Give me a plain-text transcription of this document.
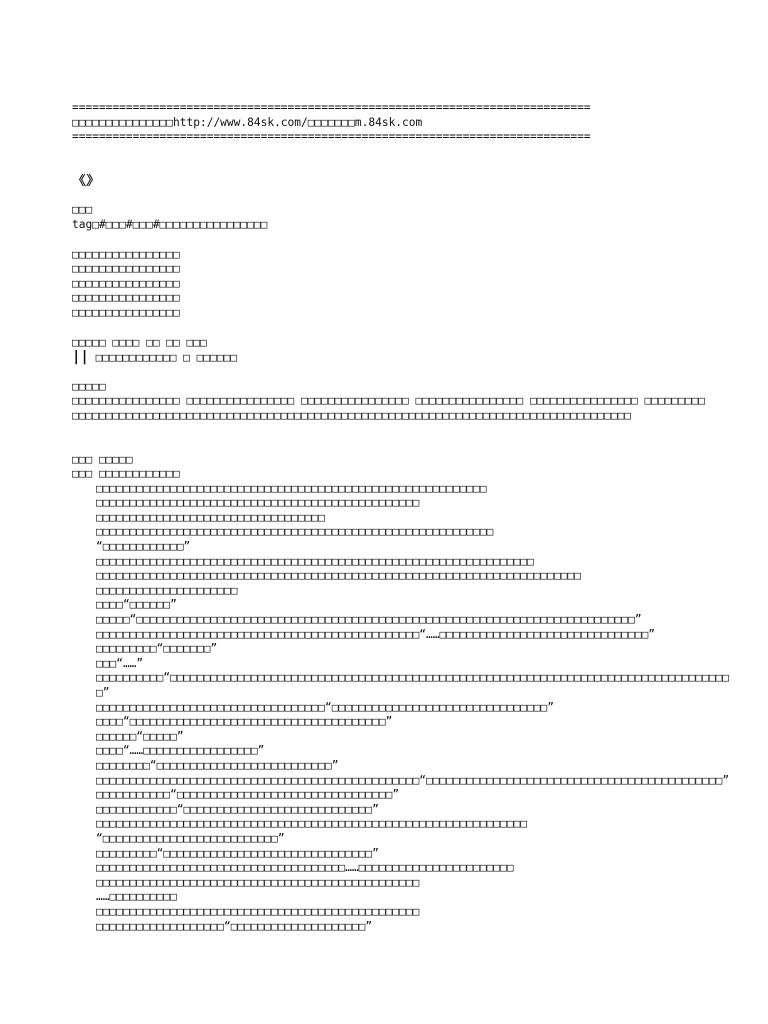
=============================================================================
□□□□□□□□□□□□□□□http://www.84sk.com/□□□□□□□m.84sk.com
=============================================================================
《》
□□□
tag□#□□□#□□□#□□□□□□□□□□□□□□□□
□□□□□□□□□□□□□□□□
□□□□□□□□□□□□□□□□
□□□□□□□□□□□□□□□□
□□□□□□□□□□□□□□□□
□□□□□□□□□□□□□□□□
□□□□□ □□□□ □□ □□ □□□
|| □□□□□□□□□□□□ □ □□□□□□
□□□□□
□□□□□□□□□□□□□□□□ □□□□□□□□□□□□□□□□ □□□□□□□□□□□□□□□□ □□□□□□□□□□□□□□□□ □□□□□□□□□□□□□□□□ □□□□□□□□□□□□□□□□□□□□□□□□□□□□□□□□□□□□□□□□□□□□□□□□□□□□□□□□□□□□□□□□□□□□□□□□□□□□□□□□□□□□□□□□□□□□
□□□ □□□□□
□□□ □□□□□□□□□□□□
□□□□□□□□□□□□□□□□□□□□□□□□□□□□□□□□□□□□□□□□□□□□□□□□□□□□□□□□□□
□□□□□□□□□□□□□□□□□□□□□□□□□□□□□□□□□□□□□□□□□□□□□□□□
□□□□□□□□□□□□□□□□□□□□□□□□□□□□□□□□□□
□□□□□□□□□□□□□□□□□□□□□□□□□□□□□□□□□□□□□□□□□□□□□□□□□□□□□□□□□□□
“□□□□□□□□□□□□”
□□□□□□□□□□□□□□□□□□□□□□□□□□□□□□□□□□□□□□□□□□□□□□□□□□□□□□□□□□□□□□□□□
□□□□□□□□□□□□□□□□□□□□□□□□□□□□□□□□□□□□□□□□□□□□□□□□□□□□□□□□□□□□□□□□□□□□□□□□
□□□□□□□□□□□□□□□□□□□□□
□□□□“□□□□□□”
□□□□□“□□□□□□□□□□□□□□□□□□□□□□□□□□□□□□□□□□□□□□□□□□□□□□□□□□□□□□□□□□□□□□□□□□□□□□□□□□”
□□□□□□□□□□□□□□□□□□□□□□□□□□□□□□□□□□□□□□□□□□□□□□□□“……□□□□□□□□□□□□□□□□□□□□□□□□□□□□□□□”
□□□□□□□□□“□□□□□□□”
□□□“……”
□□□□□□□□□□“□□□□□□□□□□□□□□□□□□□□□□□□□□□□□□□□□□□□□□□□□□□□□□□□□□□□□□□□□□□□□□□□□□□□□□□□□□□□□□□□□□□□”
□□□□□□□□□□□□□□□□□□□□□□□□□□□□□□□□□□“□□□□□□□□□□□□□□□□□□□□□□□□□□□□□□□□”
□□□□“□□□□□□□□□□□□□□□□□□□□□□□□□□□□□□□□□□□□□□”
□□□□□□“□□□□□”
□□□□“……□□□□□□□□□□□□□□□□□”
□□□□□□□□“□□□□□□□□□□□□□□□□□□□□□□□□□□”
□□□□□□□□□□□□□□□□□□□□□□□□□□□□□□□□□□□□□□□□□□□□□□□□“□□□□□□□□□□□□□□□□□□□□□□□□□□□□□□□□□□□□□□□□□□□□”
□□□□□□□□□□□“□□□□□□□□□□□□□□□□□□□□□□□□□□□□□□□□”
□□□□□□□□□□□□“□□□□□□□□□□□□□□□□□□□□□□□□□□□□”
□□□□□□□□□□□□□□□□□□□□□□□□□□□□□□□□□□□□□□□□□□□□□□□□□□□□□□□□□□□□□□□□
“□□□□□□□□□□□□□□□□□□□□□□□□□□”
□□□□□□□□□“□□□□□□□□□□□□□□□□□□□□□□□□□□□□□□□”
□□□□□□□□□□□□□□□□□□□□□□□□□□□□□□□□□□□□□……□□□□□□□□□□□□□□□□□□□□□□□
□□□□□□□□□□□□□□□□□□□□□□□□□□□□□□□□□□□□□□□□□□□□□□□□
……□□□□□□□□□□
□□□□□□□□□□□□□□□□□□□□□□□□□□□□□□□□□□□□□□□□□□□□□□□□
□□□□□□□□□□□□□□□□□□□“□□□□□□□□□□□□□□□□□□□□”
